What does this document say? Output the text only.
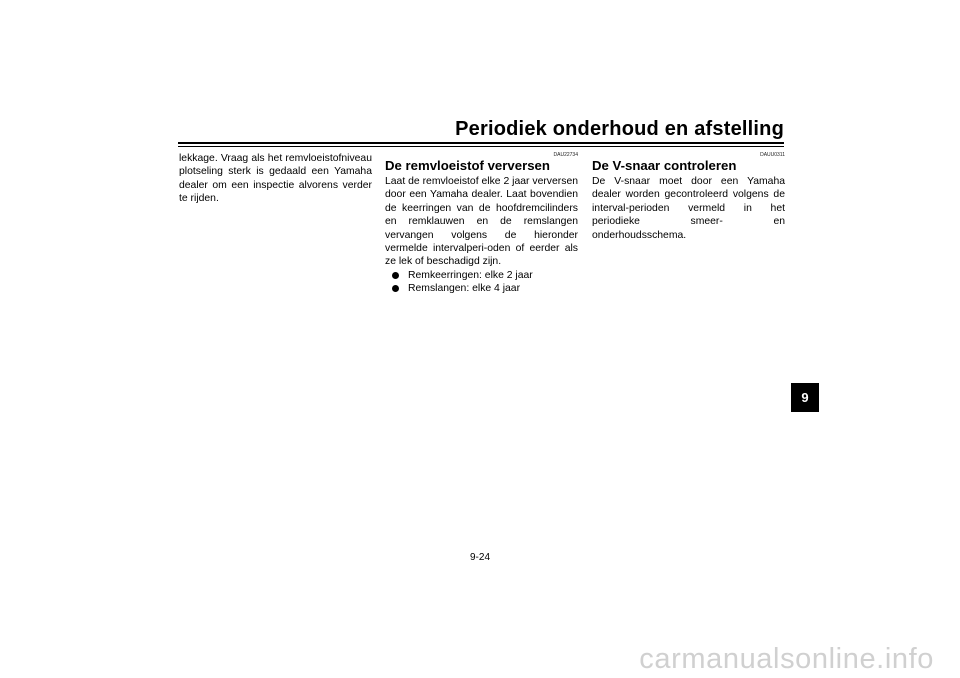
Periodiek onderhoud en afstelling

lekkage. Vraag als het remvloeistofniveau plotseling sterk is gedaald een Yamaha dealer om een inspectie alvorens verder te rijden.

DAU22734

De remvloeistof verversen

Laat de remvloeistof elke 2 jaar verversen door een Yamaha dealer. Laat bovendien de keerringen van de hoofdremcilinders en remklauwen en de remslangen vervangen volgens de hieronder vermelde intervalperi-oden of eerder als ze lek of beschadigd zijn.

Remkeerringen: elke 2 jaar
Remslangen: elke 4 jaar

DAUU0311

De V-snaar controleren

De V-snaar moet door een Yamaha dealer worden gecontroleerd volgens de interval-perioden vermeld in het periodieke smeer- en onderhoudsschema.

9
9-24
carmanualsonline.info
